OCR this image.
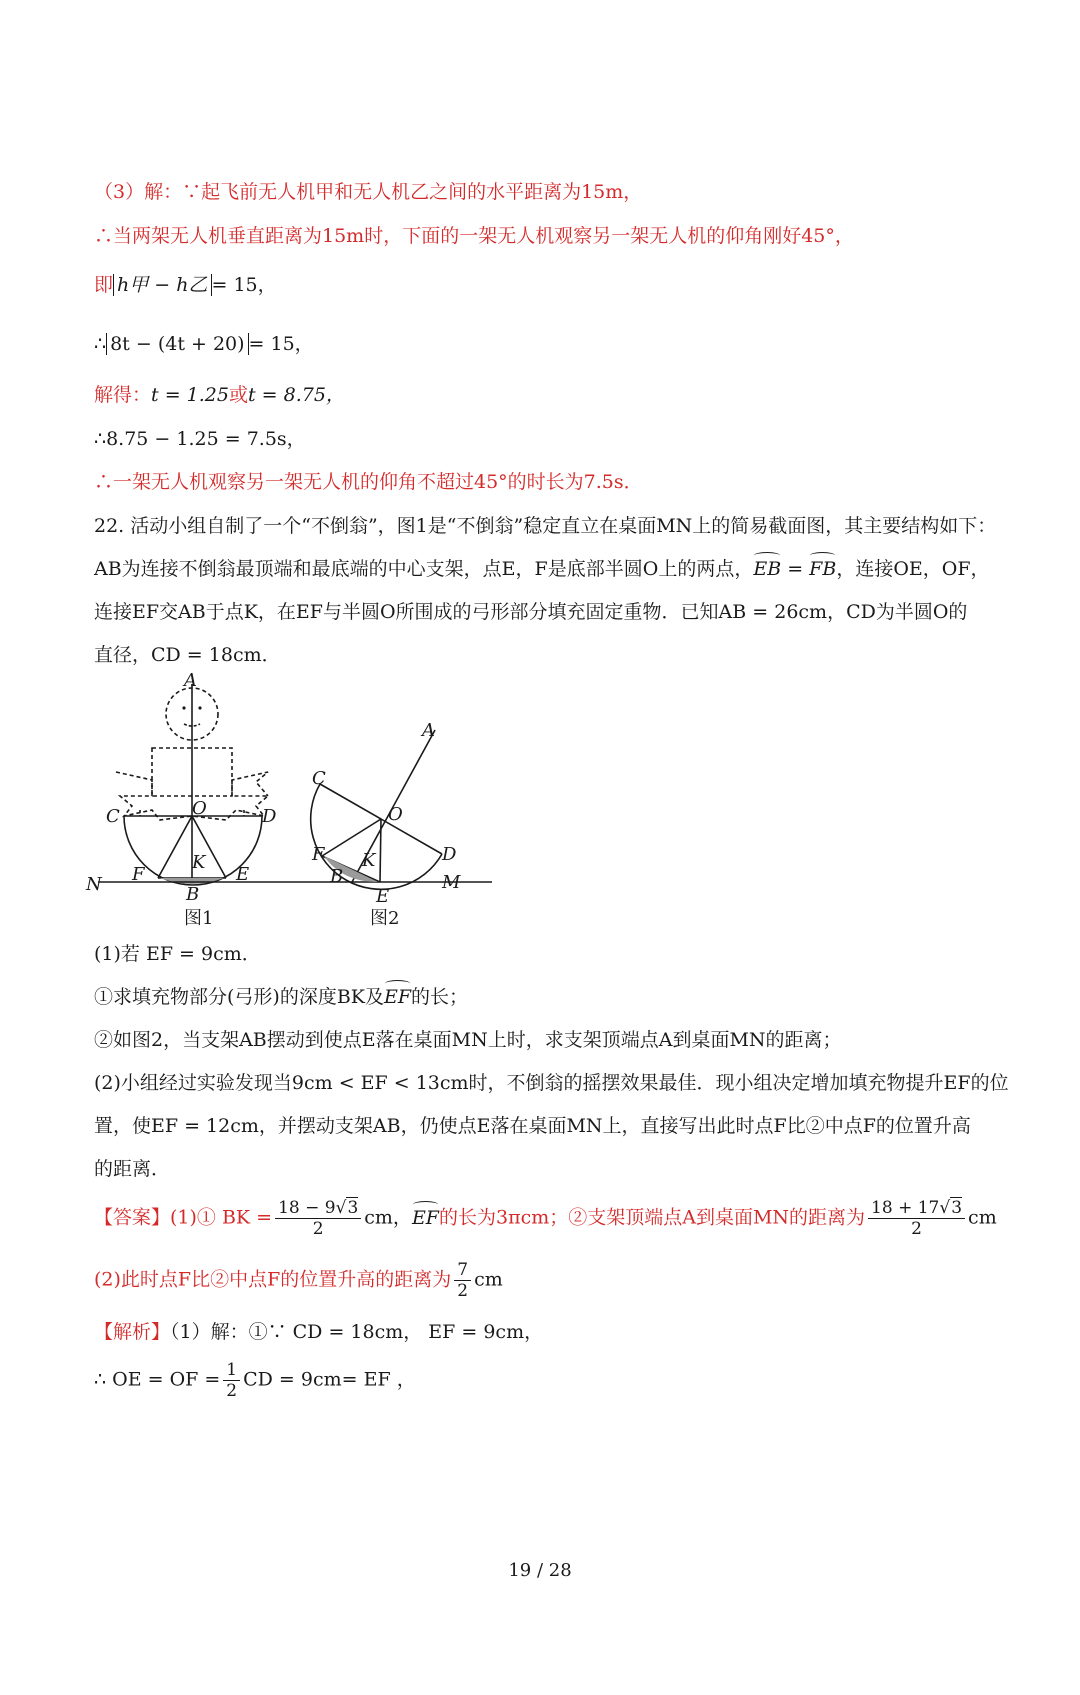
（3）解：∵起飞前无人机甲和无人机乙之间的水平距离为15m，
∴当两架无人机垂直距离为15m时，下面的一架无人机观察另一架无人机的仰角刚好45°，
即 h甲 − h乙 = 15，
∴ 8t − (4t + 20) = 15，
解得：t = 1.25或t = 8.75，
∴8.75 − 1.25 = 7.5s，
∴一架无人机观察另一架无人机的仰角不超过45°的时长为7.5s．
22. 活动小组自制了一个“不倒翁”，图1是“不倒翁”稳定直立在桌面MN上的简易截面图，其主要结构如下：
AB为连接不倒翁最顶端和最底端的中心支架，点E，F是底部半圆O上的两点，EB = FB，连接OE，OF，
连接EF交AB于点K，在EF与半圆O所围成的弓形部分填充固定重物．已知AB = 26cm，CD为半圆O的
直径，CD = 18cm．
A
C	D
O
K
F	E
B
N
图1
A
C
D
O
K
F
B
E
M
图2
(1)若 EF = 9cm．
①求填充物部分(弓形)的深度BK及EF的长；
②如图2，当支架AB摆动到使点E落在桌面MN上时，求支架顶端点A到桌面MN的距离；
(2)小组经过实验发现当9cm < EF < 13cm时，不倒翁的摇摆效果最佳．现小组决定增加填充物提升EF的位
置，使EF = 12cm，并摆动支架AB，仍使点E落在桌面MN上，直接写出此时点F比②中点F的位置升高
的距离．
【答案】(1)① BK = $\frac{18 - 9√3}{2}$ cm，EF的长为3πcm；②支架顶端点A到桌面MN的距离为 $\frac{18 + 17√3}{2}$ cm
(2)此时点F比②中点F的位置升高的距离为 $\frac{7}{2}$ cm
【解析】（1）解：①∵ CD = 18cm， EF = 9cm，
∴ OE = OF = $\frac{1}{2}$ CD = 9cm= EF ，
19 / 28
